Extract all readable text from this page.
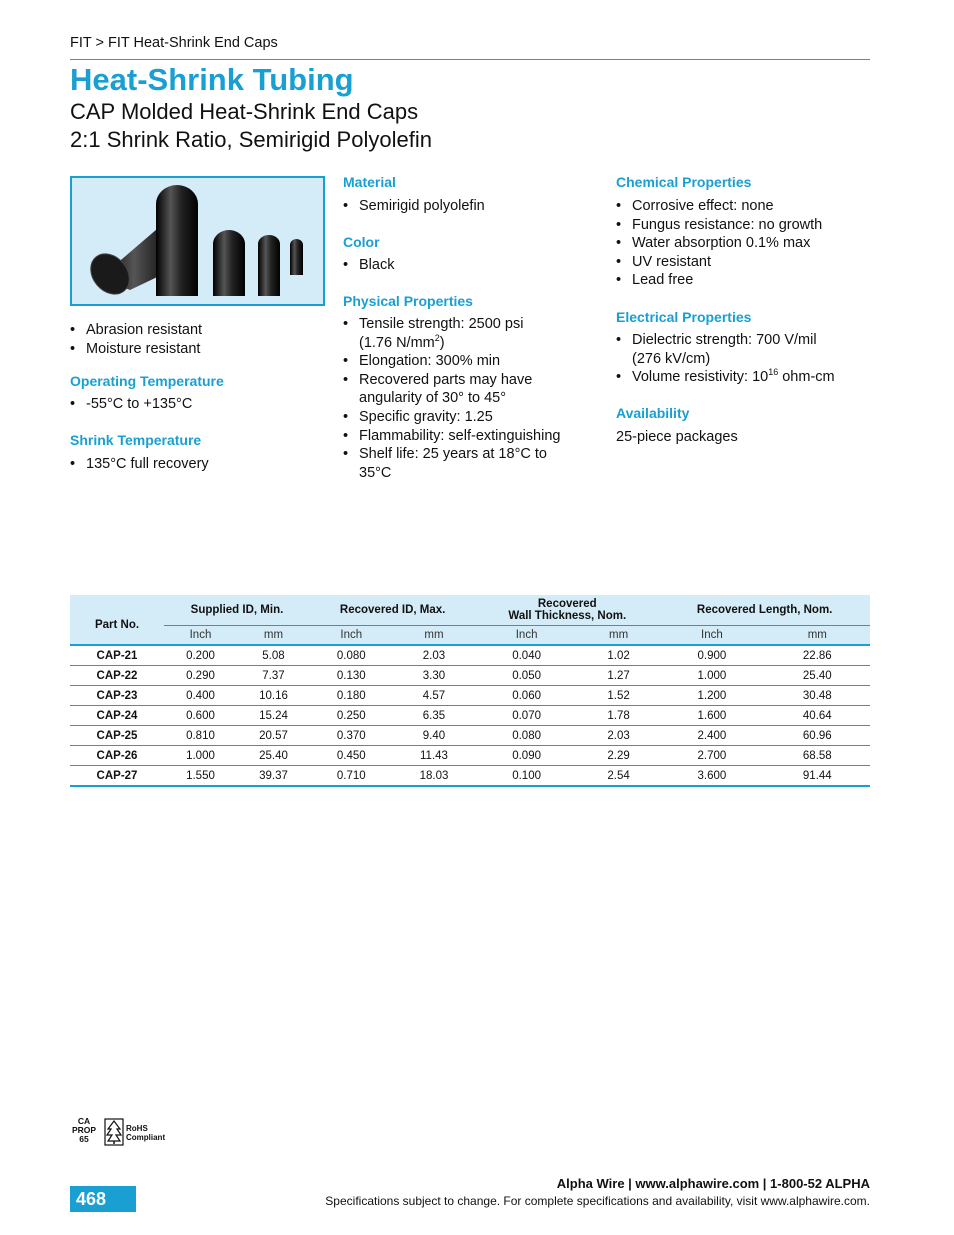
FIT > FIT Heat-Shrink End Caps
Heat-Shrink Tubing
CAP Molded Heat-Shrink End Caps
2:1 Shrink Ratio, Semirigid Polyolefin
• Abrasion resistant
• Moisture resistant
Operating Temperature
• -55°C to +135°C
Shrink Temperature
• 135°C full recovery
Material
• Semirigid polyolefin
Color
• Black
Physical Properties
• Tensile strength: 2500 psi
(1.76 $N/mm^2$)
• Elongation: 300% min
• Recovered parts may have angularity of 30° to 45°
• Specific gravity: 1.25
• Flammability: self-extinguishing
• Shelf life: 25 years at 18°C to 35°C
Chemical Properties
• Corrosive effect: none
• Fungus resistance: no growth
• Water absorption 0.1% max
• UV resistant
• Lead free
Electrical Properties
• Dielectric strength: 700 V/mil
(276 kV/cm)
• Volume resistivity: $10^{16}$ ohm-cm
Availability
25-piece packages
Part No.	Supplied ID, Min.		Recovered ID, Max.		Recovered
Wall Thickness, Nom.		Recovered Length, Nom.	
	Inch	mm	Inch	mm	Inch	mm	Inch	mm
CAP-21	0.200	5.08	0.080	2.03	0.040	1.02	0.900	22.86
CAP-22	0.290	7.37	0.130	3.30	0.050	1.27	1.000	25.40
CAP-23	0.400	10.16	0.180	4.57	0.060	1.52	1.200	30.48
CAP-24	0.600	15.24	0.250	6.35	0.070	1.78	1.600	40.64
CAP-25	0.810	20.57	0.370	9.40	0.080	2.03	2.400	60.96
CAP-26	1.000	25.40	0.450	11.43	0.090	2.29	2.700	68.58
CAP-27	1.550	39.37	0.710	18.03	0.100	2.54	3.600	91.44
CA
PROP
65
RoHS
Compliant
468
Alpha Wire | www.alphawire.com | 1-800-52 ALPHA
Specifications subject to change. For complete specifications and availability, visit www.alphawire.com.
